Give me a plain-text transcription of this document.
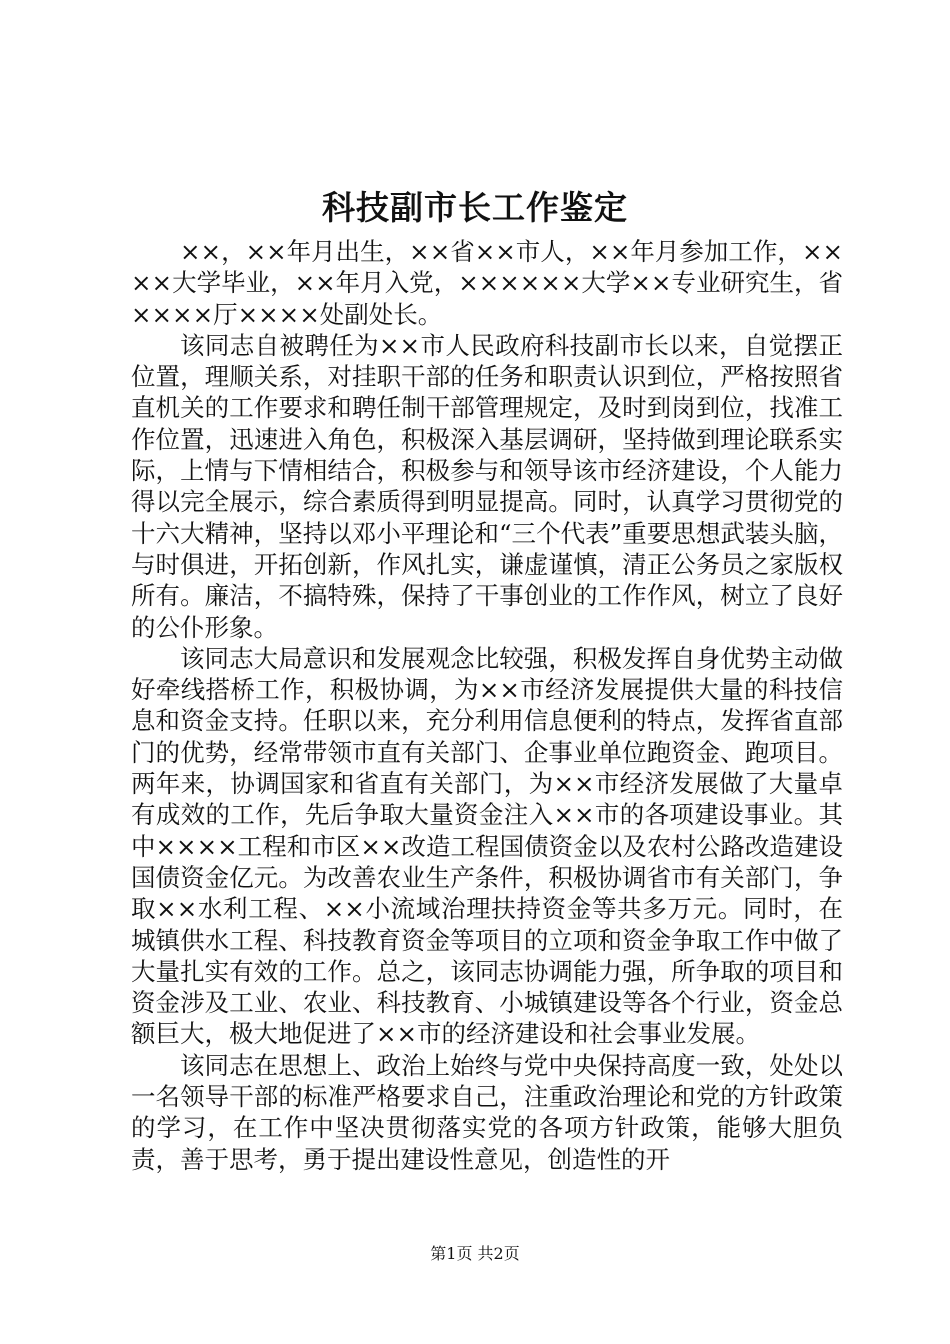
科技副市长工作鉴定

××，××年月出生，××省××市人，××年月参加工作，××××大学毕业，××年月入党，××××××大学××专业研究生，省××××厅××××处副处长。

该同志自被聘任为××市人民政府科技副市长以来，自觉摆正位置，理顺关系，对挂职干部的任务和职责认识到位，严格按照省直机关的工作要求和聘任制干部管理规定，及时到岗到位，找准工作位置，迅速进入角色，积极深入基层调研，坚持做到理论联系实际，上情与下情相结合，积极参与和领导该市经济建设，个人能力得以完全展示，综合素质得到明显提高。同时，认真学习贯彻党的十六大精神，坚持以邓小平理论和“三个代表”重要思想武装头脑，与时俱进，开拓创新，作风扎实，谦虚谨慎，清正公务员之家版权所有。廉洁，不搞特殊，保持了干事创业的工作作风，树立了良好的公仆形象。

该同志大局意识和发展观念比较强，积极发挥自身优势主动做好牵线搭桥工作，积极协调，为××市经济发展提供大量的科技信息和资金支持。任职以来，充分利用信息便利的特点，发挥省直部门的优势，经常带领市直有关部门、企事业单位跑资金、跑项目。两年来，协调国家和省直有关部门，为××市经济发展做了大量卓有成效的工作，先后争取大量资金注入××市的各项建设事业。其中××××工程和市区××改造工程国债资金以及农村公路改造建设国债资金亿元。为改善农业生产条件，积极协调省市有关部门，争取××水利工程、××小流域治理扶持资金等共多万元。同时，在城镇供水工程、科技教育资金等项目的立项和资金争取工作中做了大量扎实有效的工作。总之，该同志协调能力强，所争取的项目和资金涉及工业、农业、科技教育、小城镇建设等各个行业，资金总额巨大，极大地促进了××市的经济建设和社会事业发展。

该同志在思想上、政治上始终与党中央保持高度一致，处处以一名领导干部的标准严格要求自己，注重政治理论和党的方针政策的学习，在工作中坚决贯彻落实党的各项方针政策，能够大胆负责，善于思考，勇于提出建设性意见，创造性的开

第1页 共2页
